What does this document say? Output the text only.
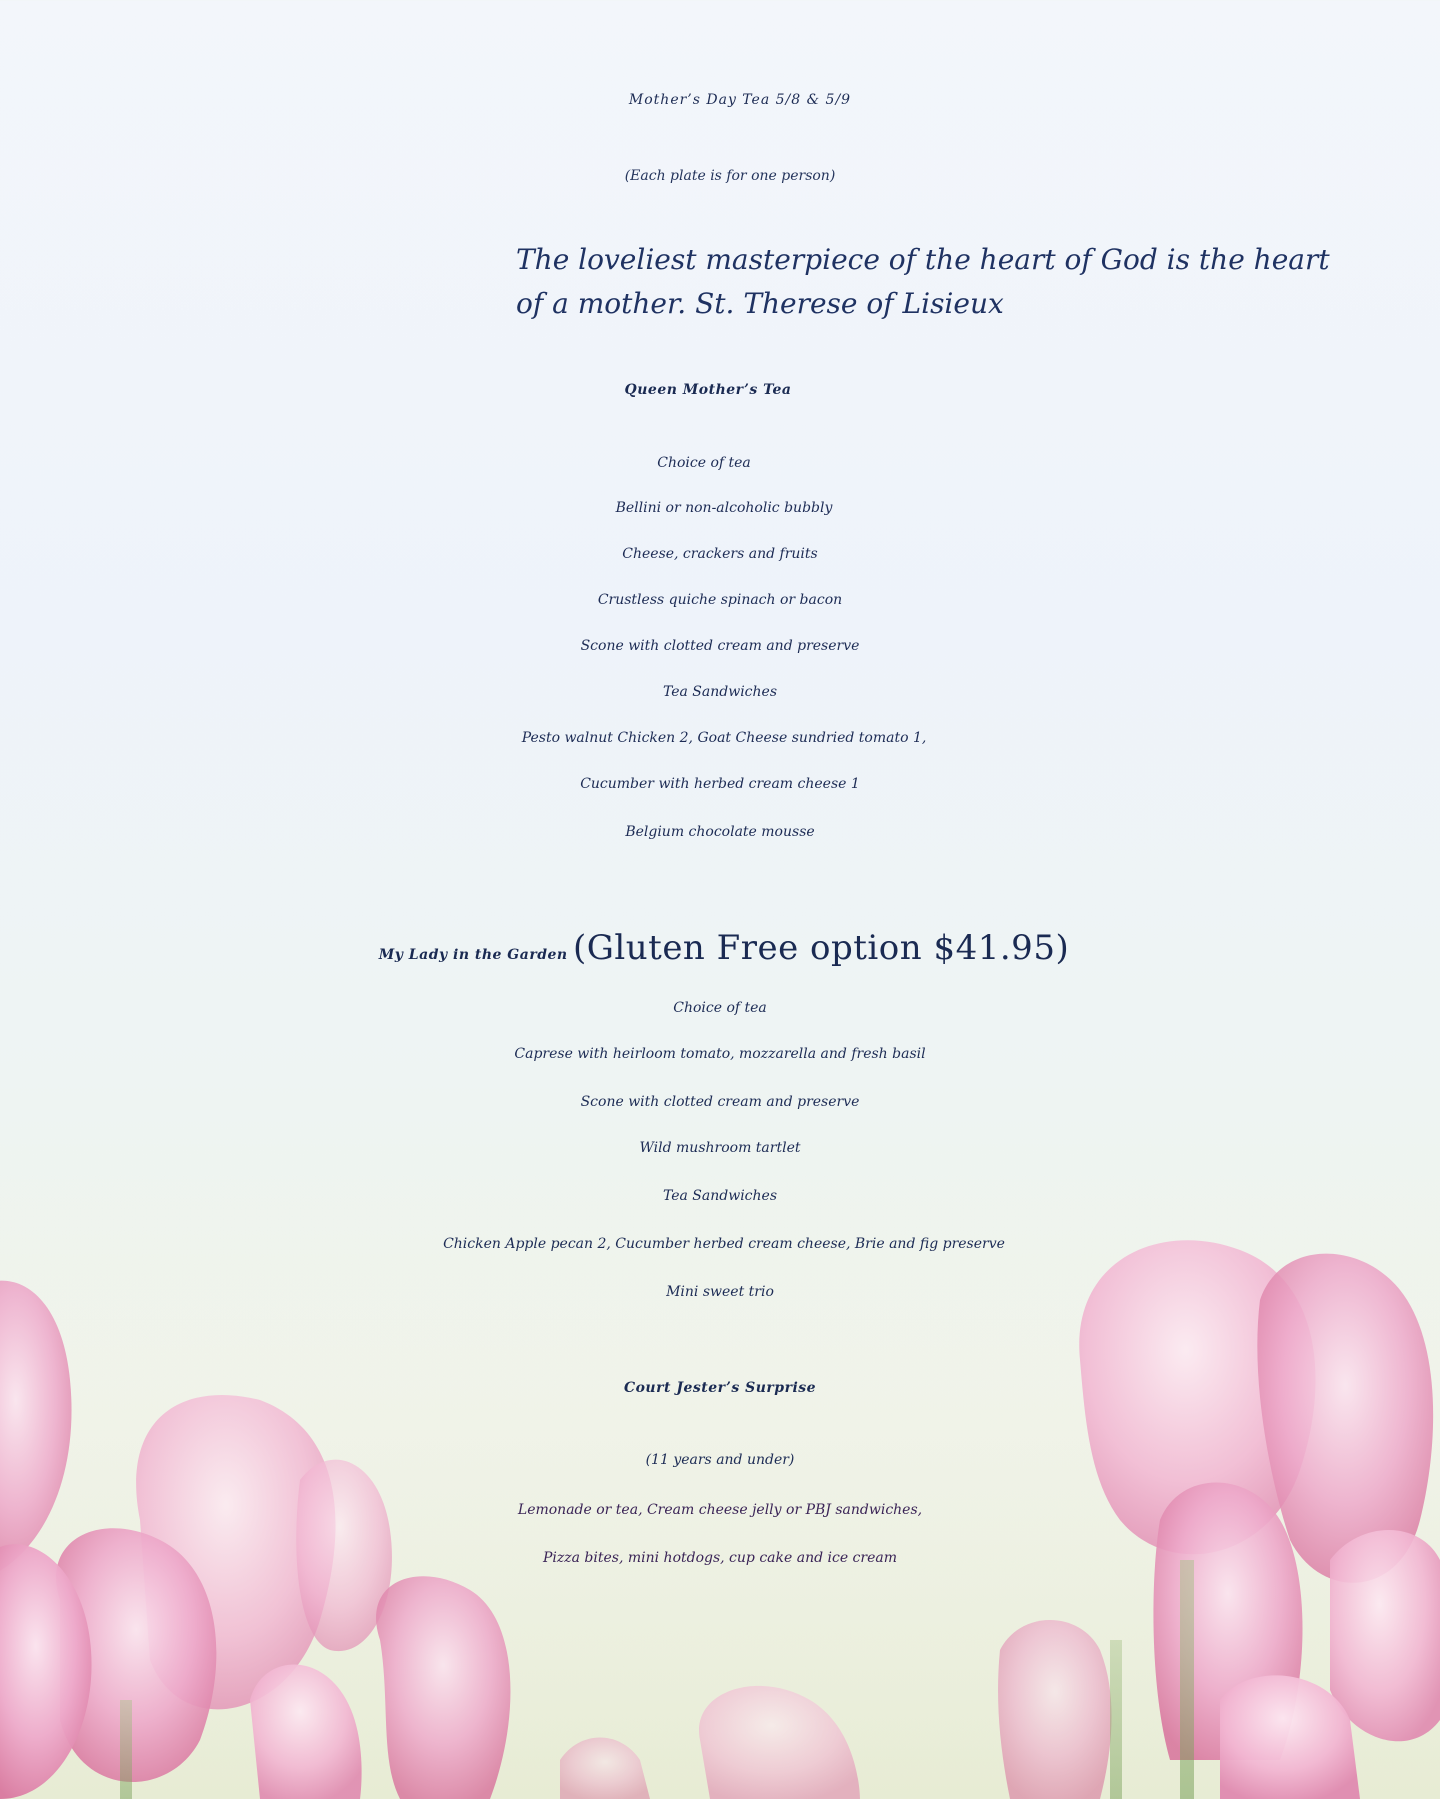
Mother’s Day Tea 5/8 & 5/9

(Each plate is for one person)

The loveliest masterpiece of the heart of God is the heart
of a mother. St. Therese of Lisieux

Queen Mother’s Tea

Choice of tea

Bellini or non-alcoholic bubbly

Cheese, crackers and fruits

Crustless quiche spinach or bacon

Scone with clotted cream and preserve

Tea Sandwiches

Pesto walnut Chicken 2, Goat Cheese sundried tomato 1,

Cucumber with herbed cream cheese 1

Belgium chocolate mousse

My Lady in the Garden (Gluten Free option $41.95)

Choice of tea

Caprese with heirloom tomato, mozzarella and fresh basil

Scone with clotted cream and preserve

Wild mushroom tartlet

Tea Sandwiches

Chicken Apple pecan 2, Cucumber herbed cream cheese, Brie and fig preserve

Mini sweet trio

Court Jester’s Surprise

(11 years and under)

Lemonade or tea, Cream cheese jelly or PBJ sandwiches,

Pizza bites, mini hotdogs, cup cake and ice cream
